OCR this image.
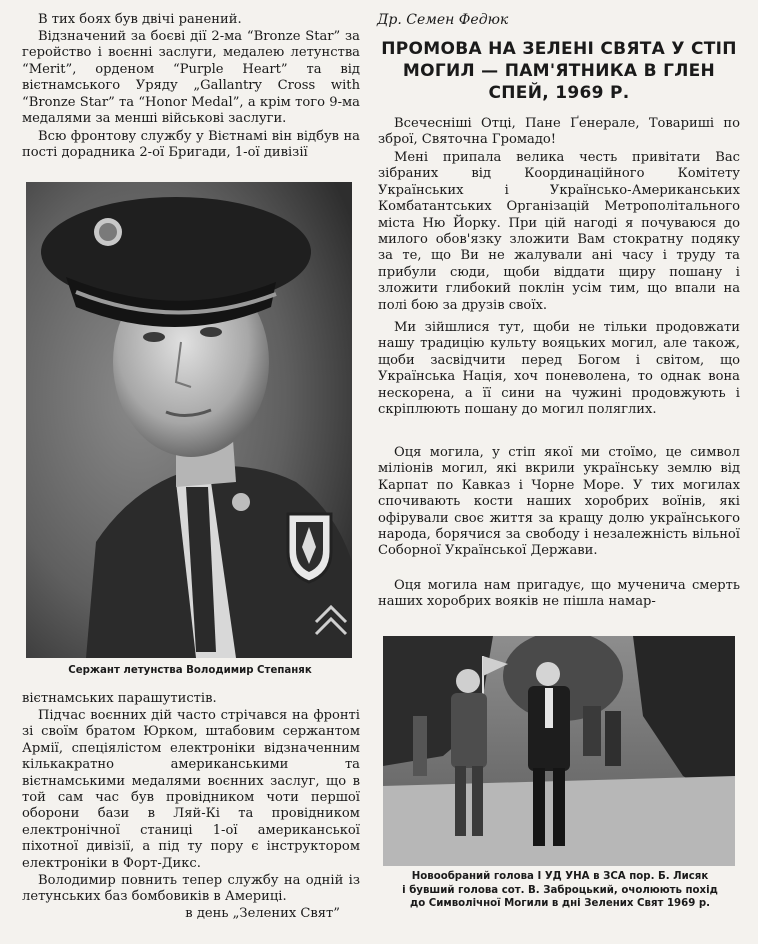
В тих боях був двічі ранений.

Відзначений за боєві дії 2-ма “Bronze Star” за геройство і воєнні заслуги, медалею летунства “Merit”, орденом “Purple Heart” та від вієтнамського Уряду „Gallantry Cross with “Bronze Star” та “Honor Medal”, а крім того 9-ма медалями за менші військові заслуги.

Всю фронтову службу у Вієтнамі він відбув на пості дорадника 2-ої Бригади, 1-ої дивізії

Сержант летунства Володимир Степаняк

вієтнамських парашутистів.

Підчас воєнних дій часто стрічався на фронті зі своїм братом Юрком, штабовим сержантом Армії, спеціялістом електроніки відзначенним кількакратно американськими та вієтнамськими медалями воєнних заслуг, що в той сам час був провідником чоти першої оборони бази в Ляй-Кі та провідником електронічної станиці 1-ої американської піхотної дивізії, а під ту пору є інструктором електроніки в Форт-Дикс.

Володимир повнить тепер службу на одній із летунських баз бомбовиків в Америці.

в день „Зелених Свят”

Др. Семен Федюк
ПРОМОВА НА ЗЕЛЕНІ СВЯТА У СТІП
МОГИЛ — ПАМ'ЯТНИКА В ГЛЕН
СПЕЙ, 1969 Р.

Всечесніші Отці, Пане Ґенерале, Товариші по зброї, Святочна Громадо!

Мені припала велика честь привітати Вас зібраних від Координаційного Комітету Українських і Українсько-Американських Комбатантських Організацій Метрополітального міста Ню Йорку. При цій нагоді я почуваюся до милого обов'язку зложити Вам стократну подяку за те, що Ви не жалували ані часу і труду та прибули сюди, щоби віддати щиру пошану і зложити глибокий поклін усім тим, що впали на полі бою за друзів своїх.

Ми зійшлися тут, щоби не тільки продовжати нашу традицію культу вояцьких могил, але також, щоби засвідчити перед Богом і світом, що Українська Нація, хоч поневолена, то однак вона нескорена, а її сини на чужині продовжують і скріплюють пошану до могил поляглих.

Оця могила, у стіп якої ми стоїмо, це символ міліонів могил, які вкрили українську землю від Карпат по Кавказ і Чорне Море. У тих могилах спочивають кости наших хоробрих воїнів, які офірували своє життя за кращу долю українського народа, борячися за свободу і незалежність вільної Соборної Української Держави.

Оця могила нам пригадує, що мученича смерть наших хоробрих вояків не пішла намар-

Новообраний голова І УД УНА в ЗСА пор. Б. Лисяк
і бувший голова сот. В. Заброцький, очолюють похід
до Символічної Могили в дні Зелених Свят 1969 р.
